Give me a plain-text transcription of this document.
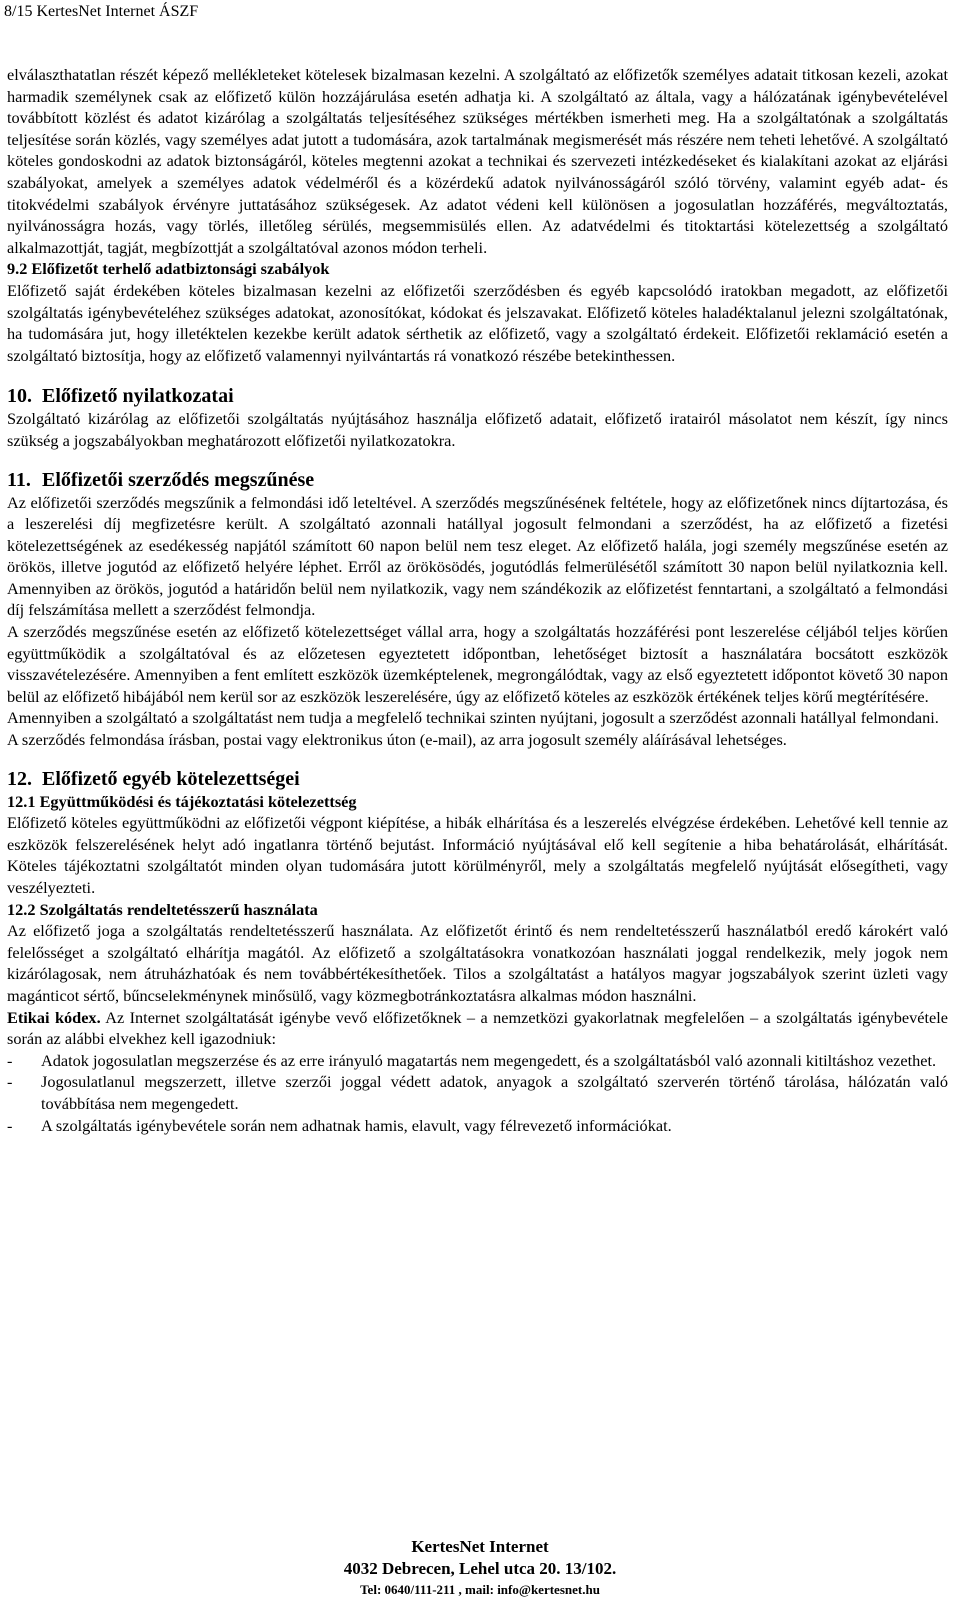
8/15 KertesNet Internet ÁSZF

elválaszthatatlan részét képező mellékleteket kötelesek bizalmasan kezelni. A szolgáltató az előfizetők személyes adatait titkosan kezeli, azokat harmadik személynek csak az előfizető külön hozzájárulása esetén adhatja ki. A szolgáltató az általa, vagy a hálózatának igénybevételével továbbított közlést és adatot kizárólag a szolgáltatás teljesítéséhez szükséges mértékben ismerheti meg. Ha a szolgáltatónak a szolgáltatás teljesítése során közlés, vagy személyes adat jutott a tudomására, azok tartalmának megismerését más részére nem teheti lehetővé. A szolgáltató köteles gondoskodni az adatok biztonságáról, köteles megtenni azokat a technikai és szervezeti intézkedéseket és kialakítani azokat az eljárási szabályokat, amelyek a személyes adatok védelméről és a közérdekű adatok nyilvánosságáról szóló törvény, valamint egyéb adat- és titokvédelmi szabályok érvényre juttatásához szükségesek. Az adatot védeni kell különösen a jogosulatlan hozzáférés, megváltoztatás, nyilvánosságra hozás, vagy törlés, illetőleg sérülés, megsemmisülés ellen. Az adatvédelmi és titoktartási kötelezettség a szolgáltató alkalmazottját, tagját, megbízottját a szolgáltatóval azonos módon terheli.

9.2 Előfizetőt terhelő adatbiztonsági szabályok

Előfizető saját érdekében köteles bizalmasan kezelni az előfizetői szerződésben és egyéb kapcsolódó iratokban megadott, az előfizetői szolgáltatás igénybevételéhez szükséges adatokat, azonosítókat, kódokat és jelszavakat. Előfizető köteles haladéktalanul jelezni szolgáltatónak, ha tudomására jut, hogy illetéktelen kezekbe került adatok sérthetik az előfizető, vagy a szolgáltató érdekeit. Előfizetői reklamáció esetén a szolgáltató biztosítja, hogy az előfizető valamennyi nyilvántartás rá vonatkozó részébe betekinthessen.

10. Előfizető nyilatkozatai

Szolgáltató kizárólag az előfizetői szolgáltatás nyújtásához használja előfizető adatait, előfizető iratairól másolatot nem készít, így nincs szükség a jogszabályokban meghatározott előfizetői nyilatkozatokra.

11. Előfizetői szerződés megszűnése

Az előfizetői szerződés megszűnik a felmondási idő leteltével. A szerződés megszűnésének feltétele, hogy az előfizetőnek nincs díjtartozása, és a leszerelési díj megfizetésre került. A szolgáltató azonnali hatállyal jogosult felmondani a szerződést, ha az előfizető a fizetési kötelezettségének az esedékesség napjától számított 60 napon belül nem tesz eleget. Az előfizető halála, jogi személy megszűnése esetén az örökös, illetve jogutód az előfizető helyére léphet. Erről az örökösödés, jogutódlás felmerülésétől számított 30 napon belül nyilatkoznia kell. Amennyiben az örökös, jogutód a határidőn belül nem nyilatkozik, vagy nem szándékozik az előfizetést fenntartani, a szolgáltató a felmondási díj felszámítása mellett a szerződést felmondja.

A szerződés megszűnése esetén az előfizető kötelezettséget vállal arra, hogy a szolgáltatás hozzáférési pont leszerelése céljából teljes körűen együttműködik a szolgáltatóval és az előzetesen egyeztetett időpontban, lehetőséget biztosít a használatára bocsátott eszközök visszavételezésére. Amennyiben a fent említett eszközök üzemképtelenek, megrongálódtak, vagy az első egyeztetett időpontot követő 30 napon belül az előfizető hibájából nem kerül sor az eszközök leszerelésére, úgy az előfizető köteles az eszközök értékének teljes körű megtérítésére.

Amennyiben a szolgáltató a szolgáltatást nem tudja a megfelelő technikai szinten nyújtani, jogosult a szerződést azonnali hatállyal felmondani.

A szerződés felmondása írásban, postai vagy elektronikus úton (e-mail), az arra jogosult személy aláírásával lehetséges.

12. Előfizető egyéb kötelezettségei

12.1 Együttműködési és tájékoztatási kötelezettség

Előfizető köteles együttműködni az előfizetői végpont kiépítése, a hibák elhárítása és a leszerelés elvégzése érdekében. Lehetővé kell tennie az eszközök felszerelésének helyt adó ingatlanra történő bejutást. Információ nyújtásával elő kell segítenie a hiba behatárolását, elhárítását. Köteles tájékoztatni szolgáltatót minden olyan tudomására jutott körülményről, mely a szolgáltatás megfelelő nyújtását elősegítheti, vagy veszélyezteti.

12.2 Szolgáltatás rendeltetésszerű használata

Az előfizető joga a szolgáltatás rendeltetésszerű használata. Az előfizetőt érintő és nem rendeltetésszerű használatból eredő károkért való felelősséget a szolgáltató elhárítja magától. Az előfizető a szolgáltatásokra vonatkozóan használati joggal rendelkezik, mely jogok nem kizárólagosak, nem átruházhatóak és nem továbbértékesíthetőek. Tilos a szolgáltatást a hatályos magyar jogszabályok szerint üzleti vagy magánticot sértő, bűncselekménynek minősülő, vagy közmegbotránkoztatásra alkalmas módon használni.

Etikai kódex. Az Internet szolgáltatását igénybe vevő előfizetőknek – a nemzetközi gyakorlatnak megfelelően – a szolgáltatás igénybevétele során az alábbi elvekhez kell igazodniuk:

- Adatok jogosulatlan megszerzése és az erre irányuló magatartás nem megengedett, és a szolgáltatásból való azonnali kitiltáshoz vezethet.
- Jogosulatlanul megszerzett, illetve szerzői joggal védett adatok, anyagok a szolgáltató szerverén történő tárolása, hálózatán való továbbítása nem megengedett.
- A szolgáltatás igénybevétele során nem adhatnak hamis, elavult, vagy félrevezető információkat.
KertesNet Internet
4032 Debrecen, Lehel utca 20. 13/102.
Tel: 0640/111-211 , mail: info@kertesnet.hu
